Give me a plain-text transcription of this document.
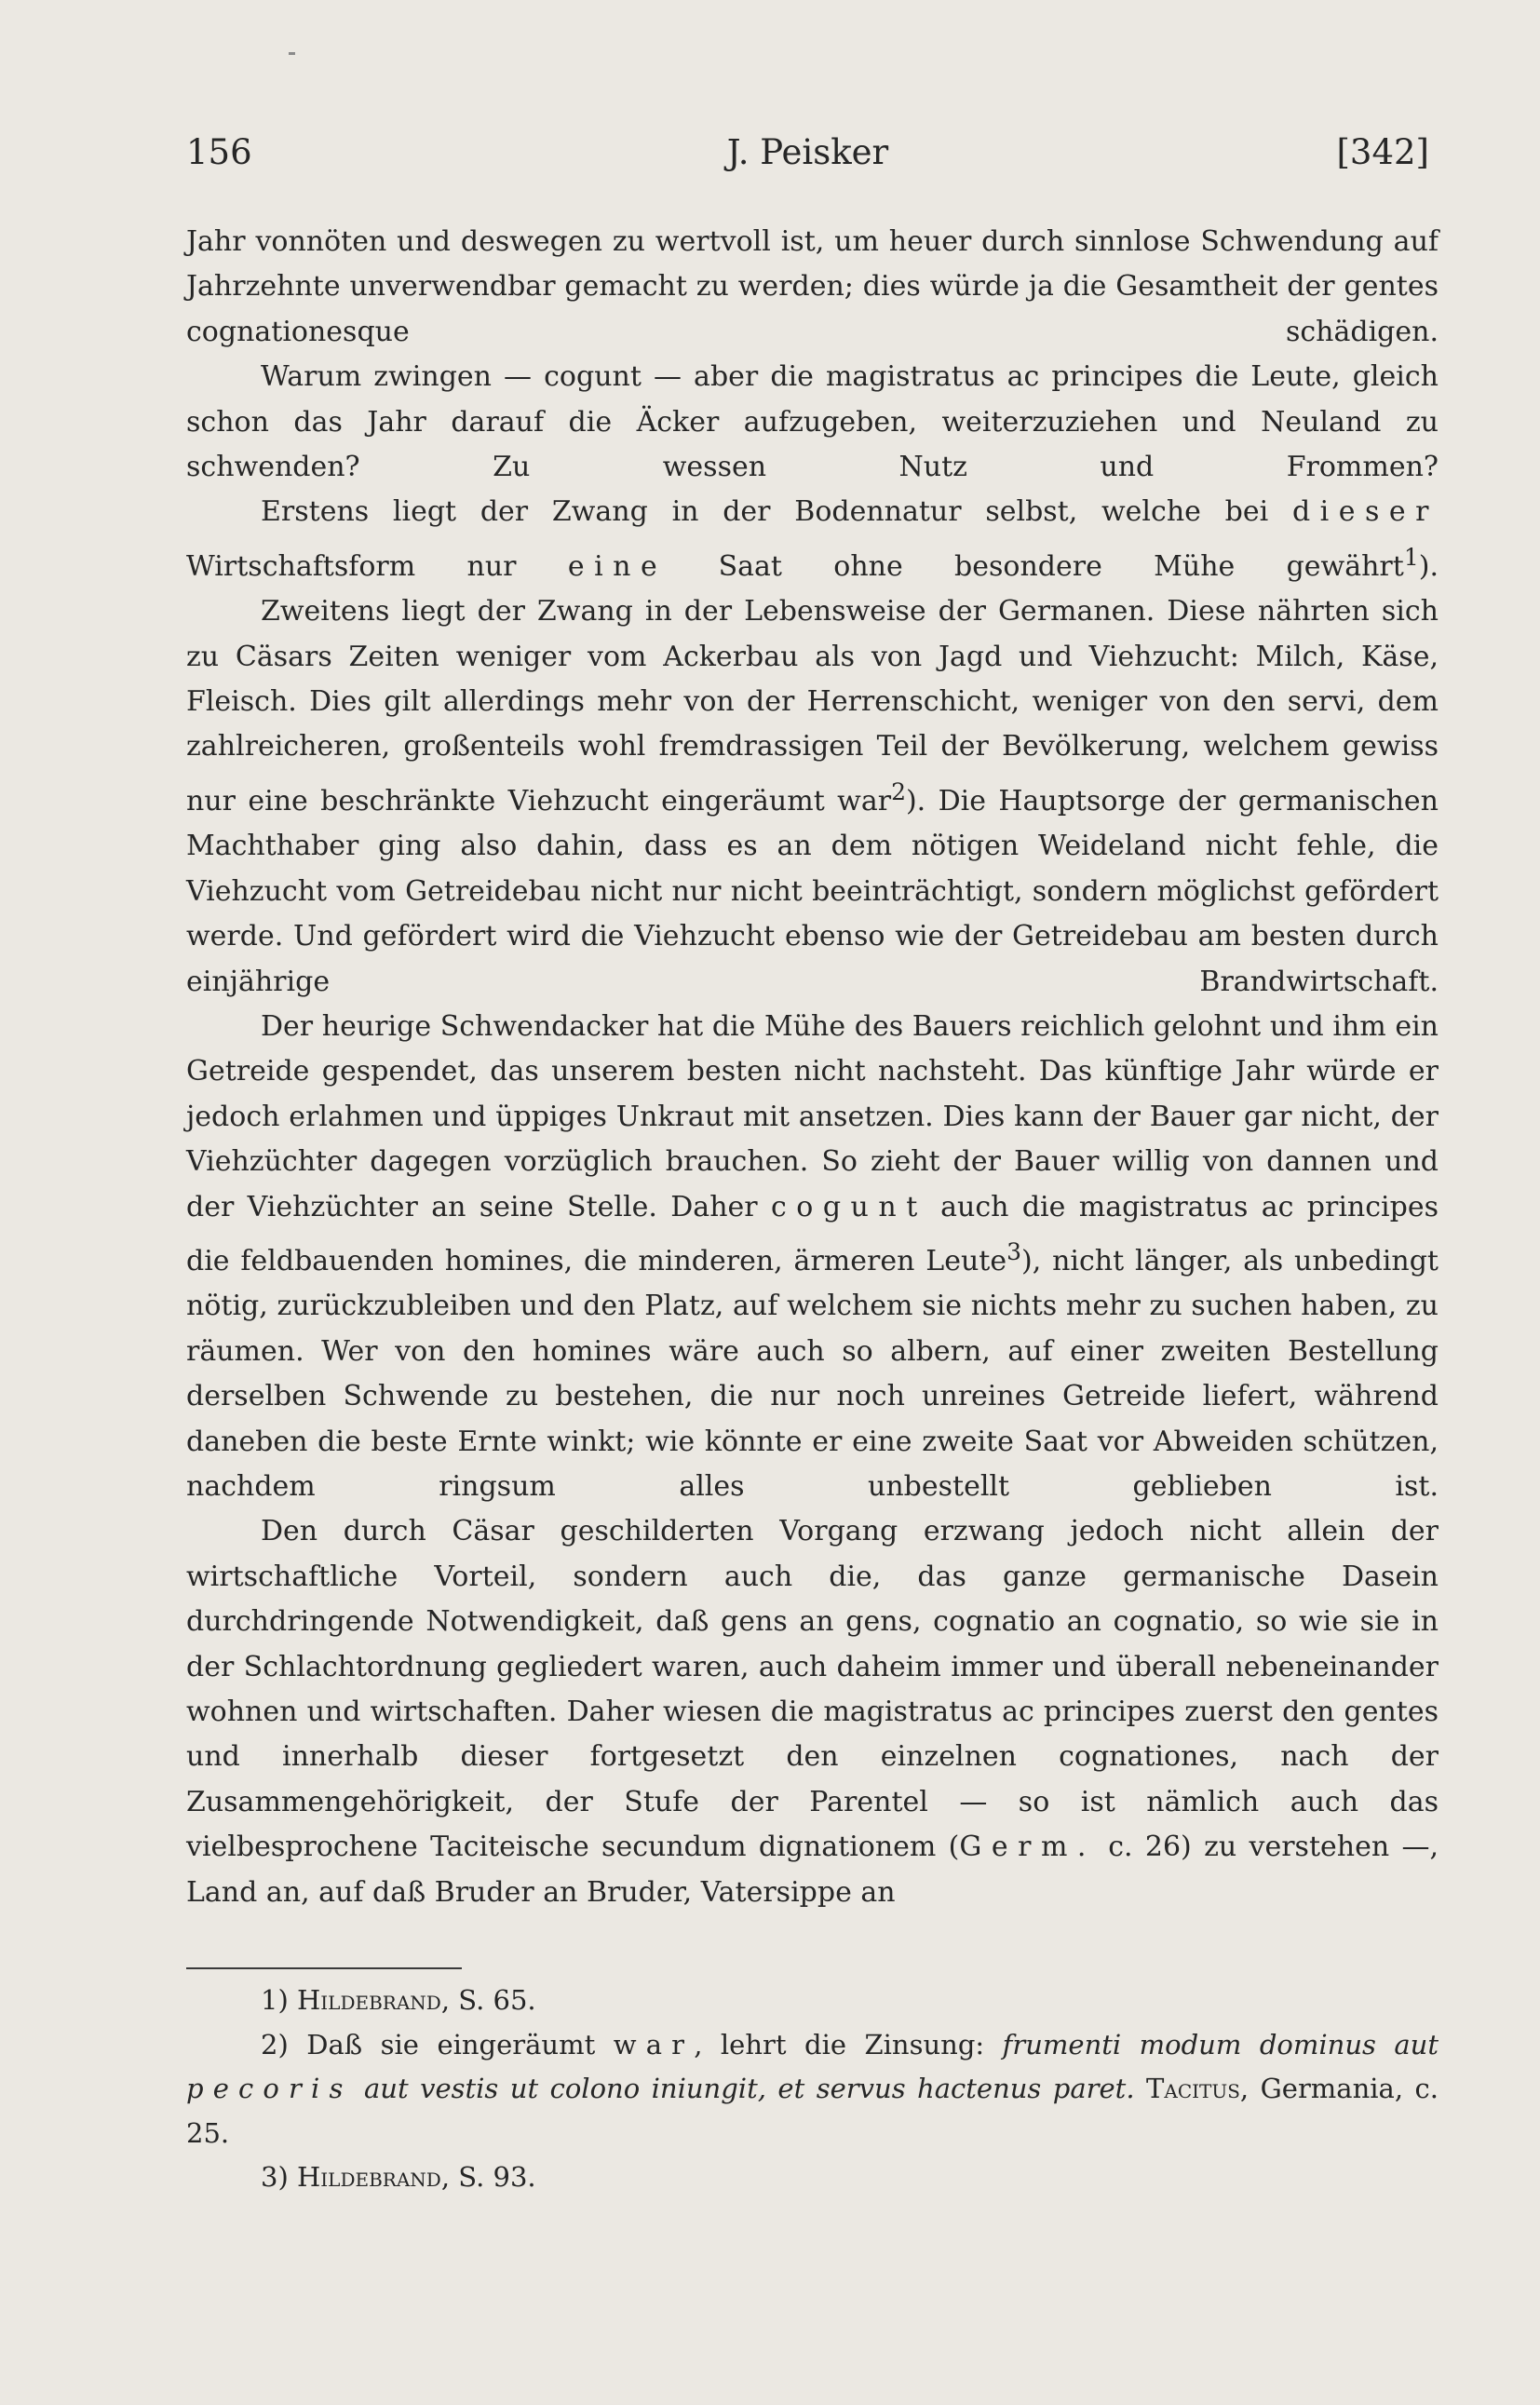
156	J. Peisker	[342]

Jahr vonnöten und deswegen zu wertvoll ist, um heuer durch sinnlose Schwendung auf Jahrzehnte unverwendbar gemacht zu werden; dies würde ja die Gesamtheit der gentes cognationesque schädigen.

Warum zwingen — cogunt — aber die magistratus ac principes die Leute, gleich schon das Jahr darauf die Äcker aufzugeben, weiterzuziehen und Neuland zu schwenden? Zu wessen Nutz und Frommen?

Erstens liegt der Zwang in der Bodennatur selbst, welche bei dieser Wirtschaftsform nur eine Saat ohne besondere Mühe gewährt$^1$).

Zweitens liegt der Zwang in der Lebensweise der Germanen. Diese nährten sich zu Cäsars Zeiten weniger vom Ackerbau als von Jagd und Viehzucht: Milch, Käse, Fleisch. Dies gilt allerdings mehr von der Herrenschicht, weniger von den servi, dem zahlreicheren, großenteils wohl fremdrassigen Teil der Bevölkerung, welchem gewiss nur eine beschränkte Viehzucht eingeräumt war$^2$). Die Hauptsorge der germanischen Machthaber ging also dahin, dass es an dem nötigen Weideland nicht fehle, die Viehzucht vom Getreidebau nicht nur nicht beeinträchtigt, sondern möglichst gefördert werde. Und gefördert wird die Viehzucht ebenso wie der Getreidebau am besten durch einjährige Brandwirtschaft.

Der heurige Schwendacker hat die Mühe des Bauers reichlich gelohnt und ihm ein Getreide gespendet, das unserem besten nicht nachsteht. Das künftige Jahr würde er jedoch erlahmen und üppiges Unkraut mit ansetzen. Dies kann der Bauer gar nicht, der Viehzüchter dagegen vorzüglich brauchen. So zieht der Bauer willig von dannen und der Viehzüchter an seine Stelle. Daher cogunt auch die magistratus ac principes die feldbauenden homines, die minderen, ärmeren Leute$^3$), nicht länger, als unbedingt nötig, zurückzubleiben und den Platz, auf welchem sie nichts mehr zu suchen haben, zu räumen. Wer von den homines wäre auch so albern, auf einer zweiten Bestellung derselben Schwende zu bestehen, die nur noch unreines Getreide liefert, während daneben die beste Ernte winkt; wie könnte er eine zweite Saat vor Abweiden schützen, nachdem ringsum alles unbestellt geblieben ist.

Den durch Cäsar geschilderten Vorgang erzwang jedoch nicht allein der wirtschaftliche Vorteil, sondern auch die, das ganze germanische Dasein durchdringende Notwendigkeit, daß gens an gens, cognatio an cognatio, so wie sie in der Schlachtordnung gegliedert waren, auch daheim immer und überall nebeneinander wohnen und wirtschaften. Daher wiesen die magistratus ac principes zuerst den gentes und innerhalb dieser fortgesetzt den einzelnen cognationes, nach der Zusammengehörigkeit, der Stufe der Parentel — so ist nämlich auch das vielbesprochene Taciteische secundum dignationem (Germ. c. 26) zu verstehen —, Land an, auf daß Bruder an Bruder, Vatersippe an

1) Hildebrand, S. 65.

2) Daß sie eingeräumt war, lehrt die Zinsung: frumenti modum dominus aut pecoris aut vestis ut colono iniungit, et servus hactenus paret. Tacitus, Germania, c. 25.

3) Hildebrand, S. 93.
